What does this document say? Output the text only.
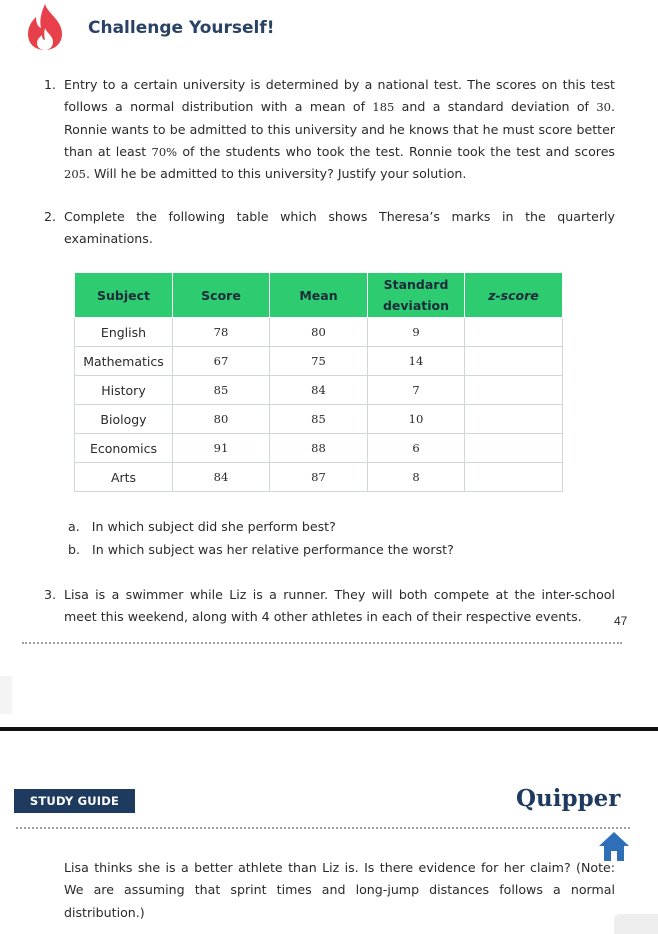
Challenge Yourself!
1. Entry to a certain university is determined by a national test. The scores on this test follows a normal distribution with a mean of 185 and a standard deviation of 30. Ronnie wants to be admitted to this university and he knows that he must score better than at least 70% of the students who took the test. Ronnie took the test and scores 205. Will he be admitted to this university? Justify your solution.
2. Complete the following table which shows Theresa’s marks in the quarterly examinations.
Subject	Score	Mean	Standard deviation	z-score
English	78	80	9	
Mathematics	67	75	14	
History	85	84	7	
Biology	80	85	10	
Economics	91	88	6	
Arts	84	87	8	
a. In which subject did she perform best?
b. In which subject was her relative performance the worst?
3. Lisa is a swimmer while Liz is a runner. They will both compete at the inter-school meet this weekend, along with 4 other athletes in each of their respective events.	47
STUDY GUIDE	Quipper
Lisa thinks she is a better athlete than Liz is. Is there evidence for her claim? (Note: We are assuming that sprint times and long-jump distances follows a normal distribution.)
